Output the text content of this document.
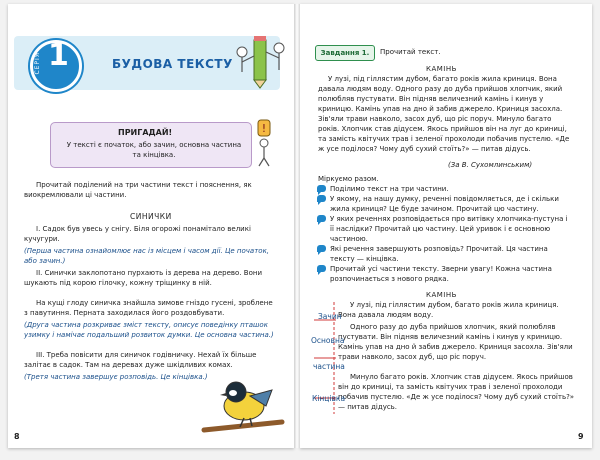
СЕРІЯ 1	БУДОВА ТЕКСТУ
ПРИГАДАЙ!
У тексті є початок, або зачин, основна частина та кінцівка.
!
Прочитай поділений на три частини текст і пояснення, як виокремлювали ці частини.
СИНИЧКИ
I. Садок був увесь у снігу. Біля огорожі понамітало великі кучугури.
(Перша частина ознайомлює нас із місцем і часом дії. Це початок, або зачин.)
II. Синички заклопотано пурхають із дерева на дерево. Вони шукають під корою гілочку, кожну тріщинку в ній.
На кущі глоду синичка знайшла зимове гніздо гусені, зроблене з павутиння. Перната заходилася його роздовбувати.
(Друга частина розкриває зміст тексту, описує поведінку пташок узимку і намічає подальший розвиток думки. Це основна частина.)
III. Треба повісити для синичок годівничку. Нехай їх більше залітає в садок. Там на деревах дуже шкідливих комах.
(Третя частина завершує розповідь. Це кінцівка.)
8
Завдання 1.	Прочитай текст.
КАМІНЬ
У лузі, під гіллястим дубом, багато років жила криниця. Вона давала людям воду. Одного разу до дуба прийшов хлопчик, який полюбляв пустувати. Він підняв величезний камінь і кинув у криницю. Камінь упав на дно й забив джерело. Криниця засохла. Зів'яли трави навколо, засох дуб, що ріс поруч. Минуло багато років. Хлопчик став дідусем. Якось прийшов він на луг до криниці, та замість квітучих трав і зеленої прохолоди побачив пустелю. «Де ж усе поділося? Чому дуб сухий стоїть?» — питав дідусь.
(За В. Сухомлинським)
Міркуємо разом.
Поділимо текст на три частини.
У якому, на нашу думку, реченні повідомляється, де і скільки жила криниця? Це буде зачином. Прочитай цю частину.
У яких реченнях розповідається про витівку хлопчика-пустуна і її наслідки? Прочитай цю частину. Цей уривок і є основною частиною.
Які речення завершують розповідь? Прочитай. Ця частина тексту — кінцівка.
Прочитай усі частини тексту. Зверни увагу! Кожна частина розпочинається з нового рядка.
КАМІНЬ
У лузі, під гіллястим дубом, багато років жила криниця. Вона давала людям воду.
Одного разу до дуба прийшов хлопчик, який полюбляв пустувати. Він підняв величезний камінь і кинув у криницю. Камінь упав на дно й забив джерело. Криниця засохла. Зів'яли трави навколо, засох дуб, що ріс поруч.
Минуло багато років. Хлопчик став дідусем. Якось прийшов він до криниці, та замість квітучих трав і зеленої прохолоди побачив пустелю. «Де ж усе поділося? Чому дуб сухий стоїть?» — питав дідусь.
Зачин
Основна
частина
Кінцівка
9
